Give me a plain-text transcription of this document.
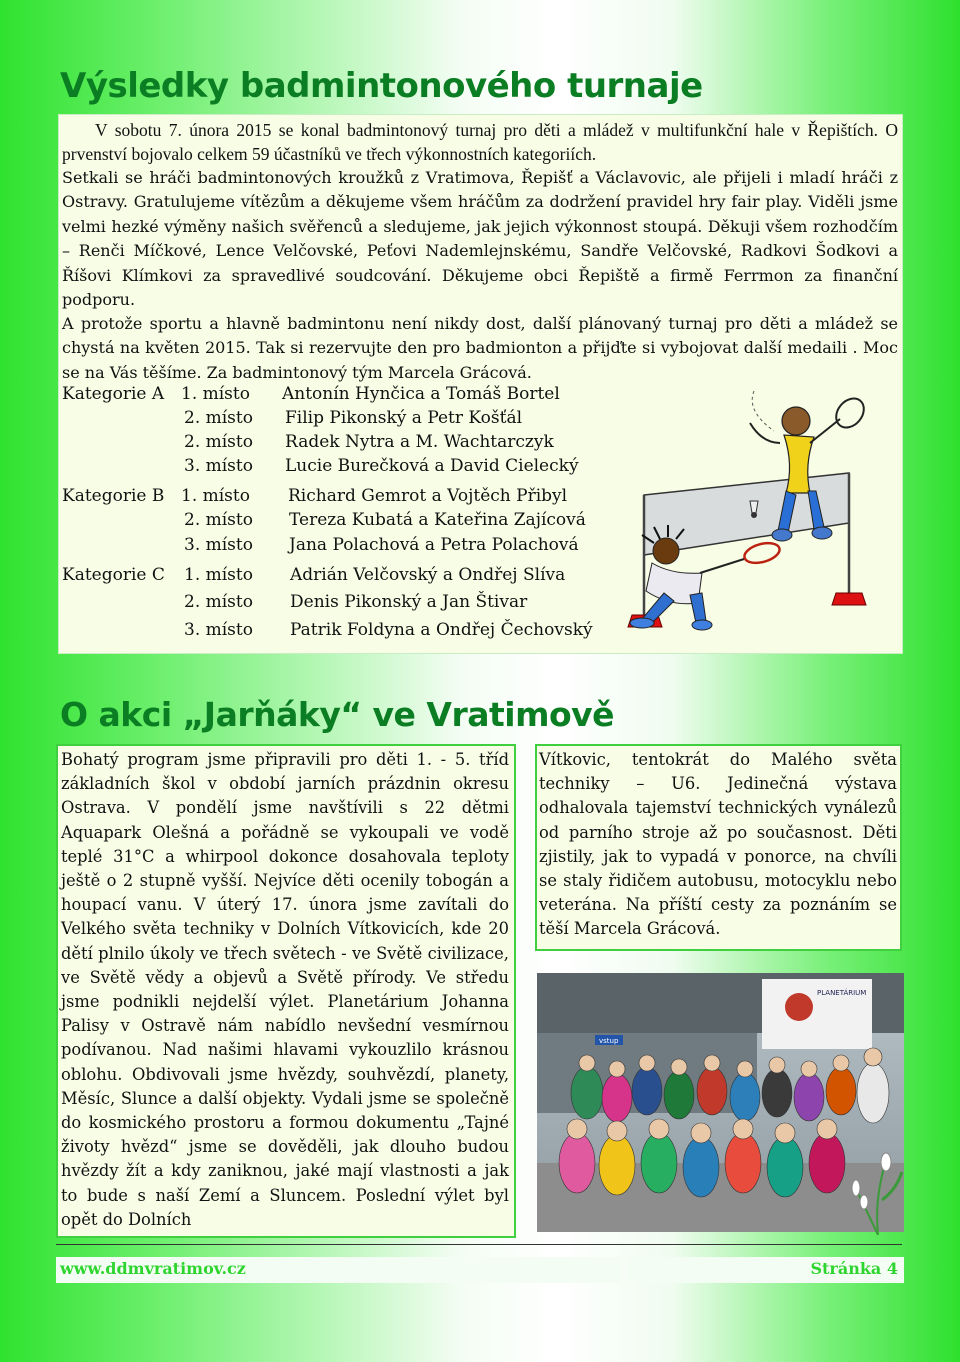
Výsledky badmintonového turnaje

V sobotu 7. února 2015 se konal badmintonový turnaj pro děti a mládež v multifunkční hale v Řepištích. O prvenství bojovalo celkem 59 účastníků ve třech výkonnostních kategoriích.

Setkali se hráči badmintonových kroužků z Vratimova, Řepišť a Václavovic, ale přijeli i mladí hráči z Ostravy. Gratulujeme vítězům a děkujeme všem hráčům za dodržení pravidel hry fair play. Viděli jsme velmi hezké výměny našich svěřenců a sledujeme, jak jejich výkonnost stoupá. Děkuji všem rozhodčím – Renči Míčkové, Lence Velčovské, Peťovi Nademlejnskému, Sandře Velčovské, Radkovi Šodkovi a Říšovi Klímkovi za spravedlivé soudcování. Děkujeme obci Řepiště a firmě Ferrmon za finanční podporu.

A protože sportu a hlavně badmintonu není nikdy dost, další plánovaný turnaj pro děti a mládež se chystá na květen 2015. Tak si rezervujte den pro badmionton a přijďte si vybojovat další medaili . Moc se na Vás těšíme. Za badmintonový tým Marcela Grácová.

Kategorie A 1. místo Antonín Hynčica a Tomáš Bortel

2. místo Filip Pikonský a Petr Košťál

2. místo Radek Nytra a M. Wachtarczyk

3. místo Lucie Burečková a David Cielecký

Kategorie B 1. místo Richard Gemrot a Vojtěch Přibyl

2. místo Tereza Kubatá a Kateřina Zajícová

3. místo Jana Polachová a Petra Polachová

Kategorie C 1. místo Adrián Velčovský a Ondřej Slíva

2. místo Denis Pikonský a Jan Štivar

3. místo Patrik Foldyna a Ondřej Čechovský

O akci „Jarňáky“ ve Vratimově

Bohatý program jsme připravili pro děti 1. - 5. tříd základních škol v období jarních prázdnin okresu Ostrava. V pondělí jsme navštívili s 22 dětmi Aquapark Olešná a pořádně se vykoupali ve vodě teplé 31°C a whirpool dokonce dosahovala teploty ještě o 2 stupně vyšší. Nejvíce děti ocenily tobogán a houpací vanu. V úterý 17. února jsme zavítali do Velkého světa techniky v Dolních Vítkovicích, kde 20 dětí plnilo úkoly ve třech světech - ve Světě civilizace, ve Světě vědy a objevů a Světě přírody. Ve středu jsme podnikli nejdelší výlet. Planetárium Johanna Palisy v Ostravě nám nabídlo nevšední vesmírnou podívanou. Nad našimi hlavami vykouzlilo krásnou oblohu. Obdivovali jsme hvězdy, souhvězdí, planety, Měsíc, Slunce a další objekty. Vydali jsme se společně do kosmického prostoru a formou dokumentu „Tajné životy hvězd“ jsme se dověděli, jak dlouho budou hvězdy žít a kdy zaniknou, jaké mají vlastnosti a jak to bude s naší Zemí a Sluncem. Poslední výlet byl opět do Dolních

Vítkovic, tentokrát do Malého světa techniky – U6. Jedinečná výstava odhalovala tajemství technických vynálezů od parního stroje až po současnost. Děti zjistily, jak to vypadá v ponorce, na chvíli se staly řidičem autobusu, motocyklu nebo veterána. Na příští cesty za poznáním se těší Marcela Grácová.

PLANETÁRIUM
vstup
www.ddmvratimov.cz	Stránka 4
